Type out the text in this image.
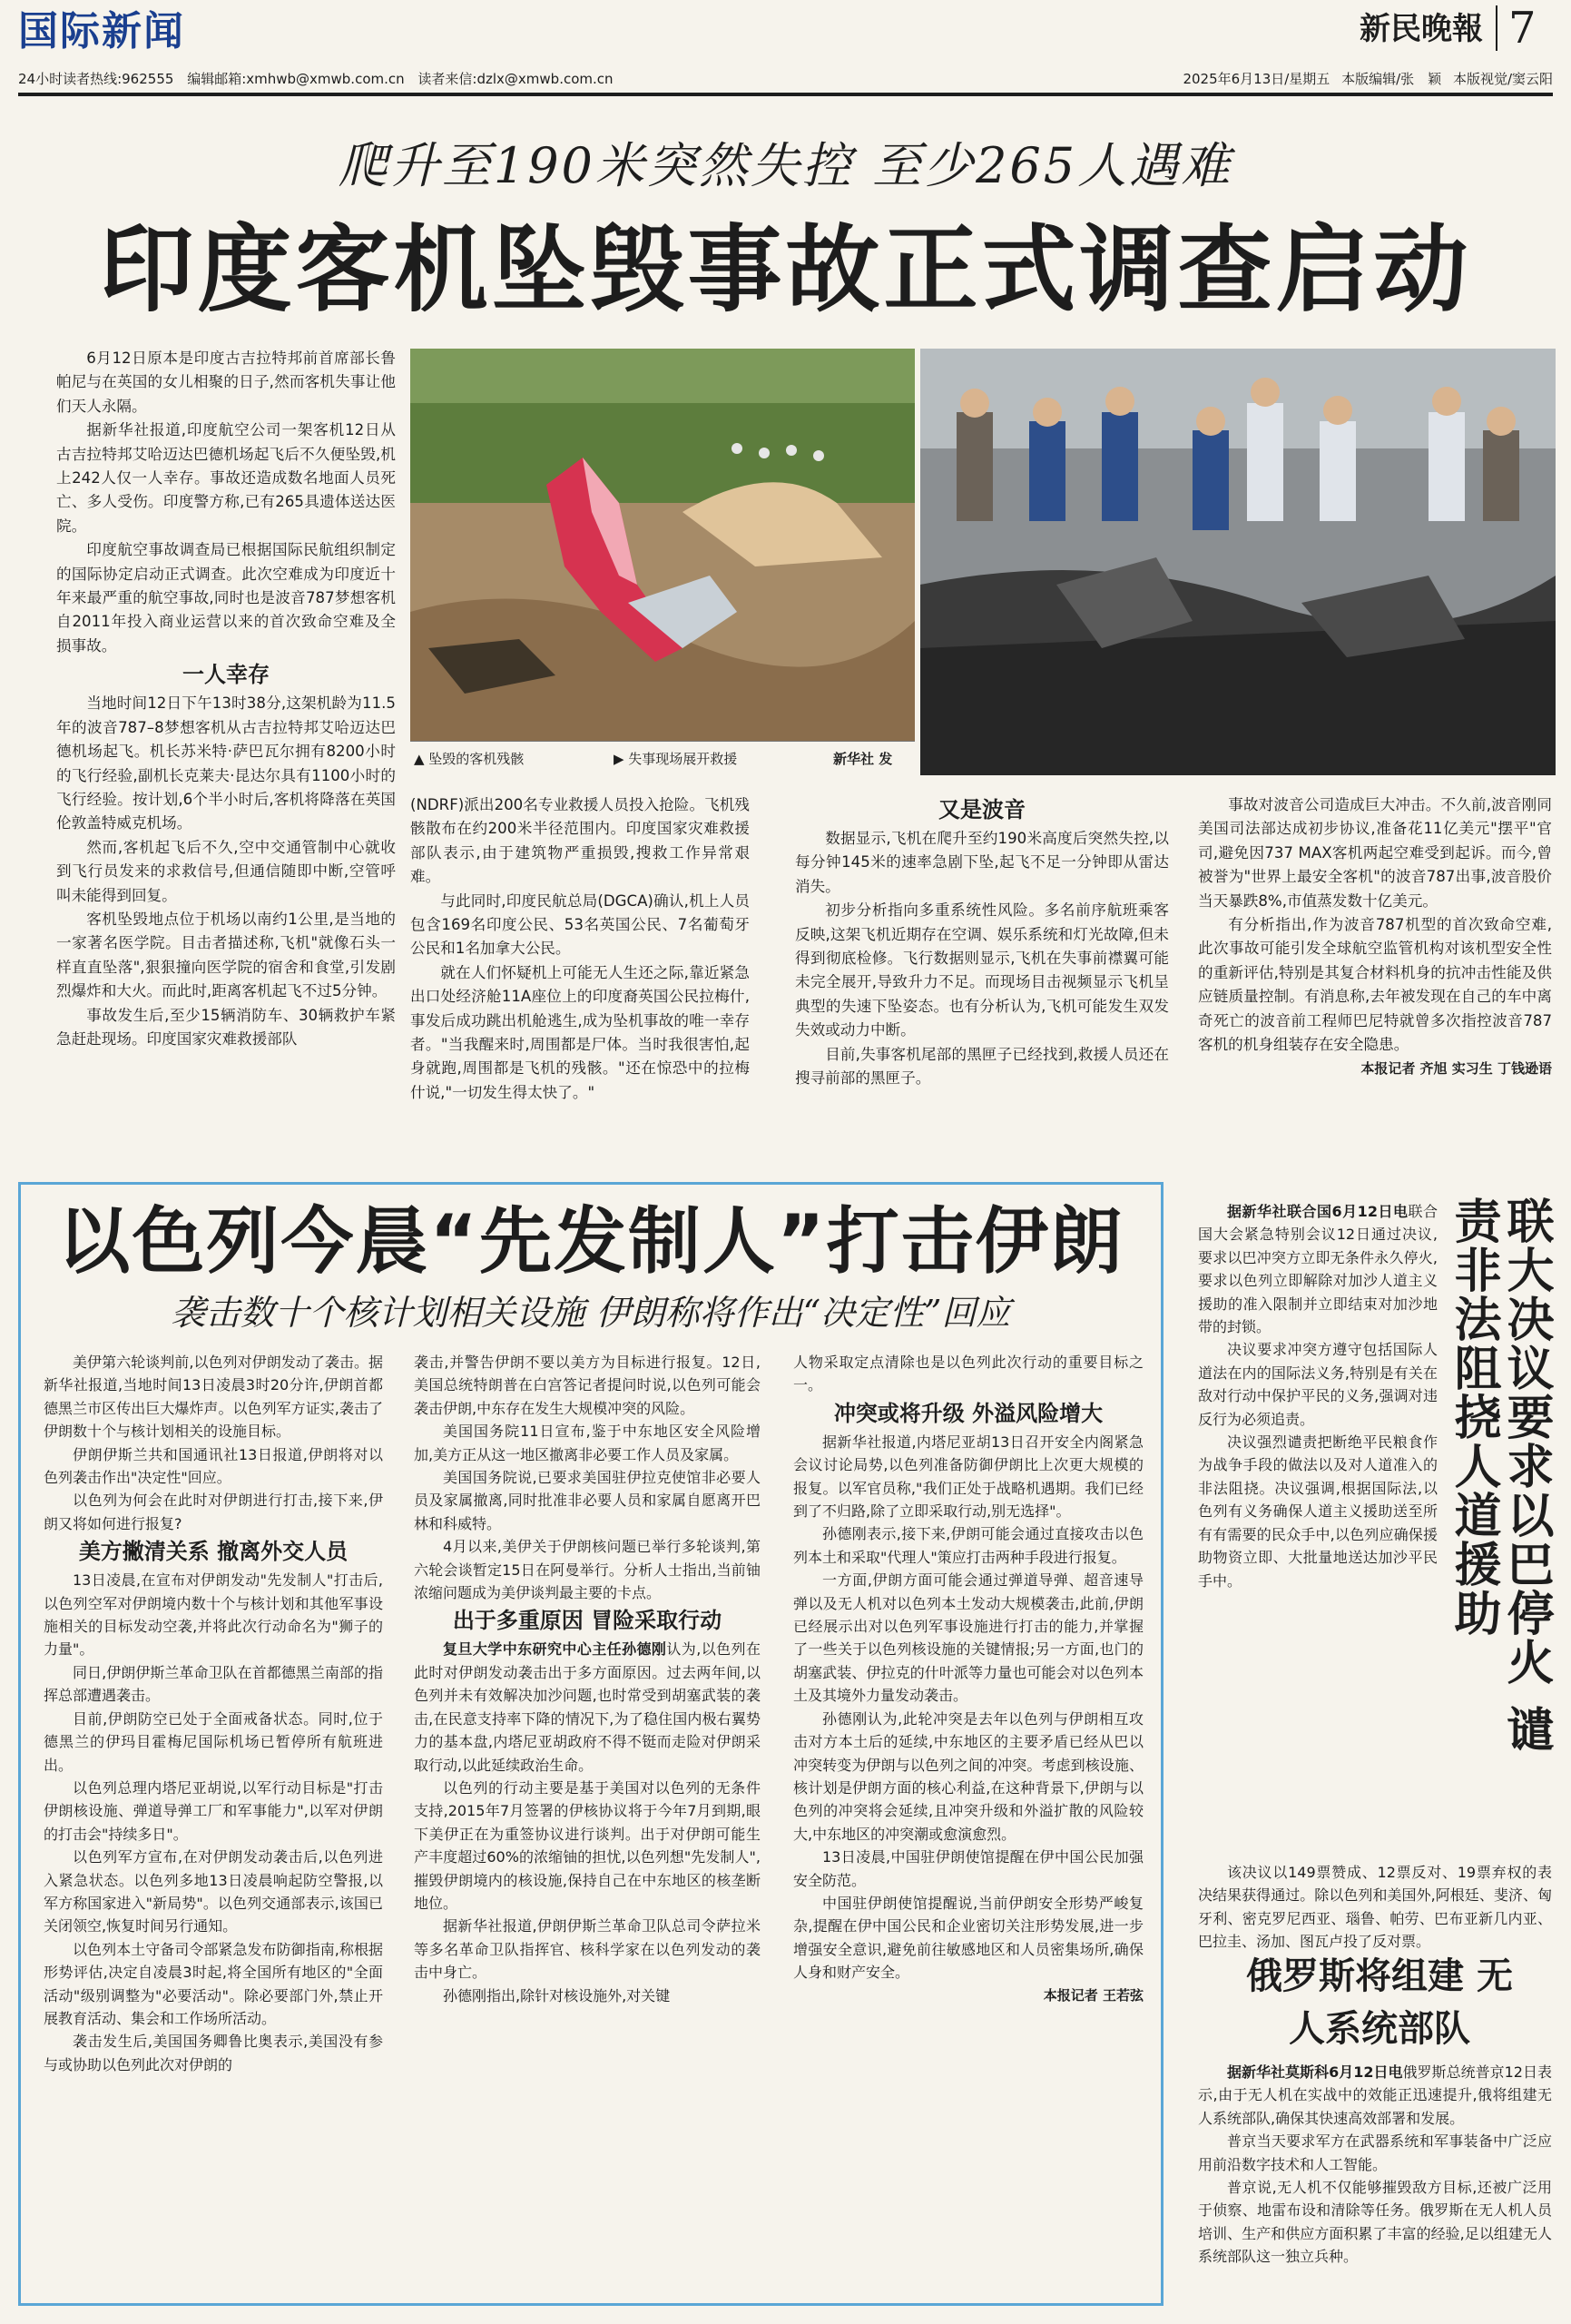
国际新闻	新民晚報 7
24小时读者热线:962555 编辑邮箱:xmhwb@xmwb.com.cn 读者来信:dzlx@xmwb.com.cn	2025年6月13日/星期五 本版编辑/张　颖 本版视觉/窦云阳
爬升至190米突然失控 至少265人遇难
印度客机坠毁事故正式调查启动

6月12日原本是印度古吉拉特邦前首席部长鲁帕尼与在英国的女儿相聚的日子,然而客机失事让他们天人永隔。

据新华社报道,印度航空公司一架客机12日从古吉拉特邦艾哈迈达巴德机场起飞后不久便坠毁,机上242人仅一人幸存。事故还造成数名地面人员死亡、多人受伤。印度警方称,已有265具遗体送达医院。

印度航空事故调查局已根据国际民航组织制定的国际协定启动正式调查。此次空难成为印度近十年来最严重的航空事故,同时也是波音787梦想客机自2011年投入商业运营以来的首次致命空难及全损事故。

一人幸存

当地时间12日下午13时38分,这架机龄为11.5年的波音787–8梦想客机从古吉拉特邦艾哈迈达巴德机场起飞。机长苏米特·萨巴瓦尔拥有8200小时的飞行经验,副机长克莱夫·昆达尔具有1100小时的飞行经验。按计划,6个半小时后,客机将降落在英国伦敦盖特威克机场。

然而,客机起飞后不久,空中交通管制中心就收到飞行员发来的求救信号,但通信随即中断,空管呼叫未能得到回复。

客机坠毁地点位于机场以南约1公里,是当地的一家著名医学院。目击者描述称,飞机"就像石头一样直直坠落",狠狠撞向医学院的宿舍和食堂,引发剧烈爆炸和大火。而此时,距离客机起飞不过5分钟。

事故发生后,至少15辆消防车、30辆救护车紧急赶赴现场。印度国家灾难救援部队

▲ 坠毁的客机残骸	▶ 失事现场展开救援	新华社 发

(NDRF)派出200名专业救援人员投入抢险。飞机残骸散布在约200米半径范围内。印度国家灾难救援部队表示,由于建筑物严重损毁,搜救工作异常艰难。

与此同时,印度民航总局(DGCA)确认,机上人员包含169名印度公民、53名英国公民、7名葡萄牙公民和1名加拿大公民。

就在人们怀疑机上可能无人生还之际,靠近紧急出口处经济舱11A座位上的印度裔英国公民拉梅什,事发后成功跳出机舱逃生,成为坠机事故的唯一幸存者。"当我醒来时,周围都是尸体。当时我很害怕,起身就跑,周围都是飞机的残骸。"还在惊恐中的拉梅什说,"一切发生得太快了。"

又是波音

数据显示,飞机在爬升至约190米高度后突然失控,以每分钟145米的速率急剧下坠,起飞不足一分钟即从雷达消失。

初步分析指向多重系统性风险。多名前序航班乘客反映,这架飞机近期存在空调、娱乐系统和灯光故障,但未得到彻底检修。飞行数据则显示,飞机在失事前襟翼可能未完全展开,导致升力不足。而现场目击视频显示飞机呈典型的失速下坠姿态。也有分析认为,飞机可能发生双发失效或动力中断。

目前,失事客机尾部的黑匣子已经找到,救援人员还在搜寻前部的黑匣子。

事故对波音公司造成巨大冲击。不久前,波音刚同美国司法部达成初步协议,准备花11亿美元"摆平"官司,避免因737 MAX客机两起空难受到起诉。而今,曾被誉为"世界上最安全客机"的波音787出事,波音股价当天暴跌8%,市值蒸发数十亿美元。

有分析指出,作为波音787机型的首次致命空难,此次事故可能引发全球航空监管机构对该机型安全性的重新评估,特别是其复合材料机身的抗冲击性能及供应链质量控制。有消息称,去年被发现在自己的车中离奇死亡的波音前工程师巴尼特就曾多次指控波音787客机的机身组装存在安全隐患。

本报记者 齐旭 实习生 丁钱逊语

以色列今晨“先发制人”打击伊朗
袭击数十个核计划相关设施 伊朗称将作出“决定性”回应

美伊第六轮谈判前,以色列对伊朗发动了袭击。据新华社报道,当地时间13日凌晨3时20分许,伊朗首都德黑兰市区传出巨大爆炸声。以色列军方证实,袭击了伊朗数十个与核计划相关的设施目标。

伊朗伊斯兰共和国通讯社13日报道,伊朗将对以色列袭击作出"决定性"回应。

以色列为何会在此时对伊朗进行打击,接下来,伊朗又将如何进行报复?

美方撇清关系 撤离外交人员

13日凌晨,在宣布对伊朗发动"先发制人"打击后,以色列空军对伊朗境内数十个与核计划和其他军事设施相关的目标发动空袭,并将此次行动命名为"狮子的力量"。

同日,伊朗伊斯兰革命卫队在首都德黑兰南部的指挥总部遭遇袭击。

目前,伊朗防空已处于全面戒备状态。同时,位于德黑兰的伊玛目霍梅尼国际机场已暂停所有航班进出。

以色列总理内塔尼亚胡说,以军行动目标是"打击伊朗核设施、弹道导弹工厂和军事能力",以军对伊朗的打击会"持续多日"。

以色列军方宣布,在对伊朗发动袭击后,以色列进入紧急状态。以色列多地13日凌晨响起防空警报,以军方称国家进入"新局势"。以色列交通部表示,该国已关闭领空,恢复时间另行通知。

以色列本土守备司令部紧急发布防御指南,称根据形势评估,决定自凌晨3时起,将全国所有地区的"全面活动"级别调整为"必要活动"。除必要部门外,禁止开展教育活动、集会和工作场所活动。

袭击发生后,美国国务卿鲁比奥表示,美国没有参与或协助以色列此次对伊朗的

袭击,并警告伊朗不要以美方为目标进行报复。12日,美国总统特朗普在白宫答记者提问时说,以色列可能会袭击伊朗,中东存在发生大规模冲突的风险。

美国国务院11日宣布,鉴于中东地区安全风险增加,美方正从这一地区撤离非必要工作人员及家属。

美国国务院说,已要求美国驻伊拉克使馆非必要人员及家属撤离,同时批准非必要人员和家属自愿离开巴林和科威特。

4月以来,美伊关于伊朗核问题已举行多轮谈判,第六轮会谈暂定15日在阿曼举行。分析人士指出,当前铀浓缩问题成为美伊谈判最主要的卡点。

出于多重原因 冒险采取行动

复旦大学中东研究中心主任孙德刚认为,以色列在此时对伊朗发动袭击出于多方面原因。过去两年间,以色列并未有效解决加沙问题,也时常受到胡塞武装的袭击,在民意支持率下降的情况下,为了稳住国内极右翼势力的基本盘,内塔尼亚胡政府不得不铤而走险对伊朗采取行动,以此延续政治生命。

以色列的行动主要是基于美国对以色列的无条件支持,2015年7月签署的伊核协议将于今年7月到期,眼下美伊正在为重签协议进行谈判。出于对伊朗可能生产丰度超过60%的浓缩铀的担忧,以色列想"先发制人",摧毁伊朗境内的核设施,保持自己在中东地区的核垄断地位。

据新华社报道,伊朗伊斯兰革命卫队总司令萨拉米等多名革命卫队指挥官、核科学家在以色列发动的袭击中身亡。

孙德刚指出,除针对核设施外,对关键

人物采取定点清除也是以色列此次行动的重要目标之一。

冲突或将升级 外溢风险增大

据新华社报道,内塔尼亚胡13日召开安全内阁紧急会议讨论局势,以色列准备防御伊朗比上次更大规模的报复。以军官员称,"我们正处于战略机遇期。我们已经到了不归路,除了立即采取行动,别无选择"。

孙德刚表示,接下来,伊朗可能会通过直接攻击以色列本土和采取"代理人"策应打击两种手段进行报复。

一方面,伊朗方面可能会通过弹道导弹、超音速导弹以及无人机对以色列本土发动大规模袭击,此前,伊朗已经展示出对以色列军事设施进行打击的能力,并掌握了一些关于以色列核设施的关键情报;另一方面,也门的胡塞武装、伊拉克的什叶派等力量也可能会对以色列本土及其境外力量发动袭击。

孙德刚认为,此轮冲突是去年以色列与伊朗相互攻击对方本土后的延续,中东地区的主要矛盾已经从巴以冲突转变为伊朗与以色列之间的冲突。考虑到核设施、核计划是伊朗方面的核心利益,在这种背景下,伊朗与以色列的冲突将会延续,且冲突升级和外溢扩散的风险较大,中东地区的冲突潮或愈演愈烈。

13日凌晨,中国驻伊朗使馆提醒在伊中国公民加强安全防范。

中国驻伊朗使馆提醒说,当前伊朗安全形势严峻复杂,提醒在伊中国公民和企业密切关注形势发展,进一步增强安全意识,避免前往敏感地区和人员密集场所,确保人身和财产安全。

本报记者 王若弦

联大决议要求以巴停火 谴责非法阻挠人道援助

据新华社联合国6月12日电联合国大会紧急特别会议12日通过决议,要求以巴冲突方立即无条件永久停火,要求以色列立即解除对加沙人道主义援助的准入限制并立即结束对加沙地带的封锁。

决议要求冲突方遵守包括国际人道法在内的国际法义务,特别是有关在敌对行动中保护平民的义务,强调对违反行为必须追责。

决议强烈谴责把断绝平民粮食作为战争手段的做法以及对人道准入的非法阻挠。决议强调,根据国际法,以色列有义务确保人道主义援助送至所有有需要的民众手中,以色列应确保援助物资立即、大批量地送达加沙平民手中。

该决议以149票赞成、12票反对、19票弃权的表决结果获得通过。除以色列和美国外,阿根廷、斐济、匈牙利、密克罗尼西亚、瑙鲁、帕劳、巴布亚新几内亚、巴拉圭、汤加、图瓦卢投了反对票。

俄罗斯将组建 无人系统部队

据新华社莫斯科6月12日电俄罗斯总统普京12日表示,由于无人机在实战中的效能正迅速提升,俄将组建无人系统部队,确保其快速高效部署和发展。

普京当天要求军方在武器系统和军事装备中广泛应用前沿数字技术和人工智能。

普京说,无人机不仅能够摧毁敌方目标,还被广泛用于侦察、地雷布设和清除等任务。俄罗斯在无人机人员培训、生产和供应方面积累了丰富的经验,足以组建无人系统部队这一独立兵种。
